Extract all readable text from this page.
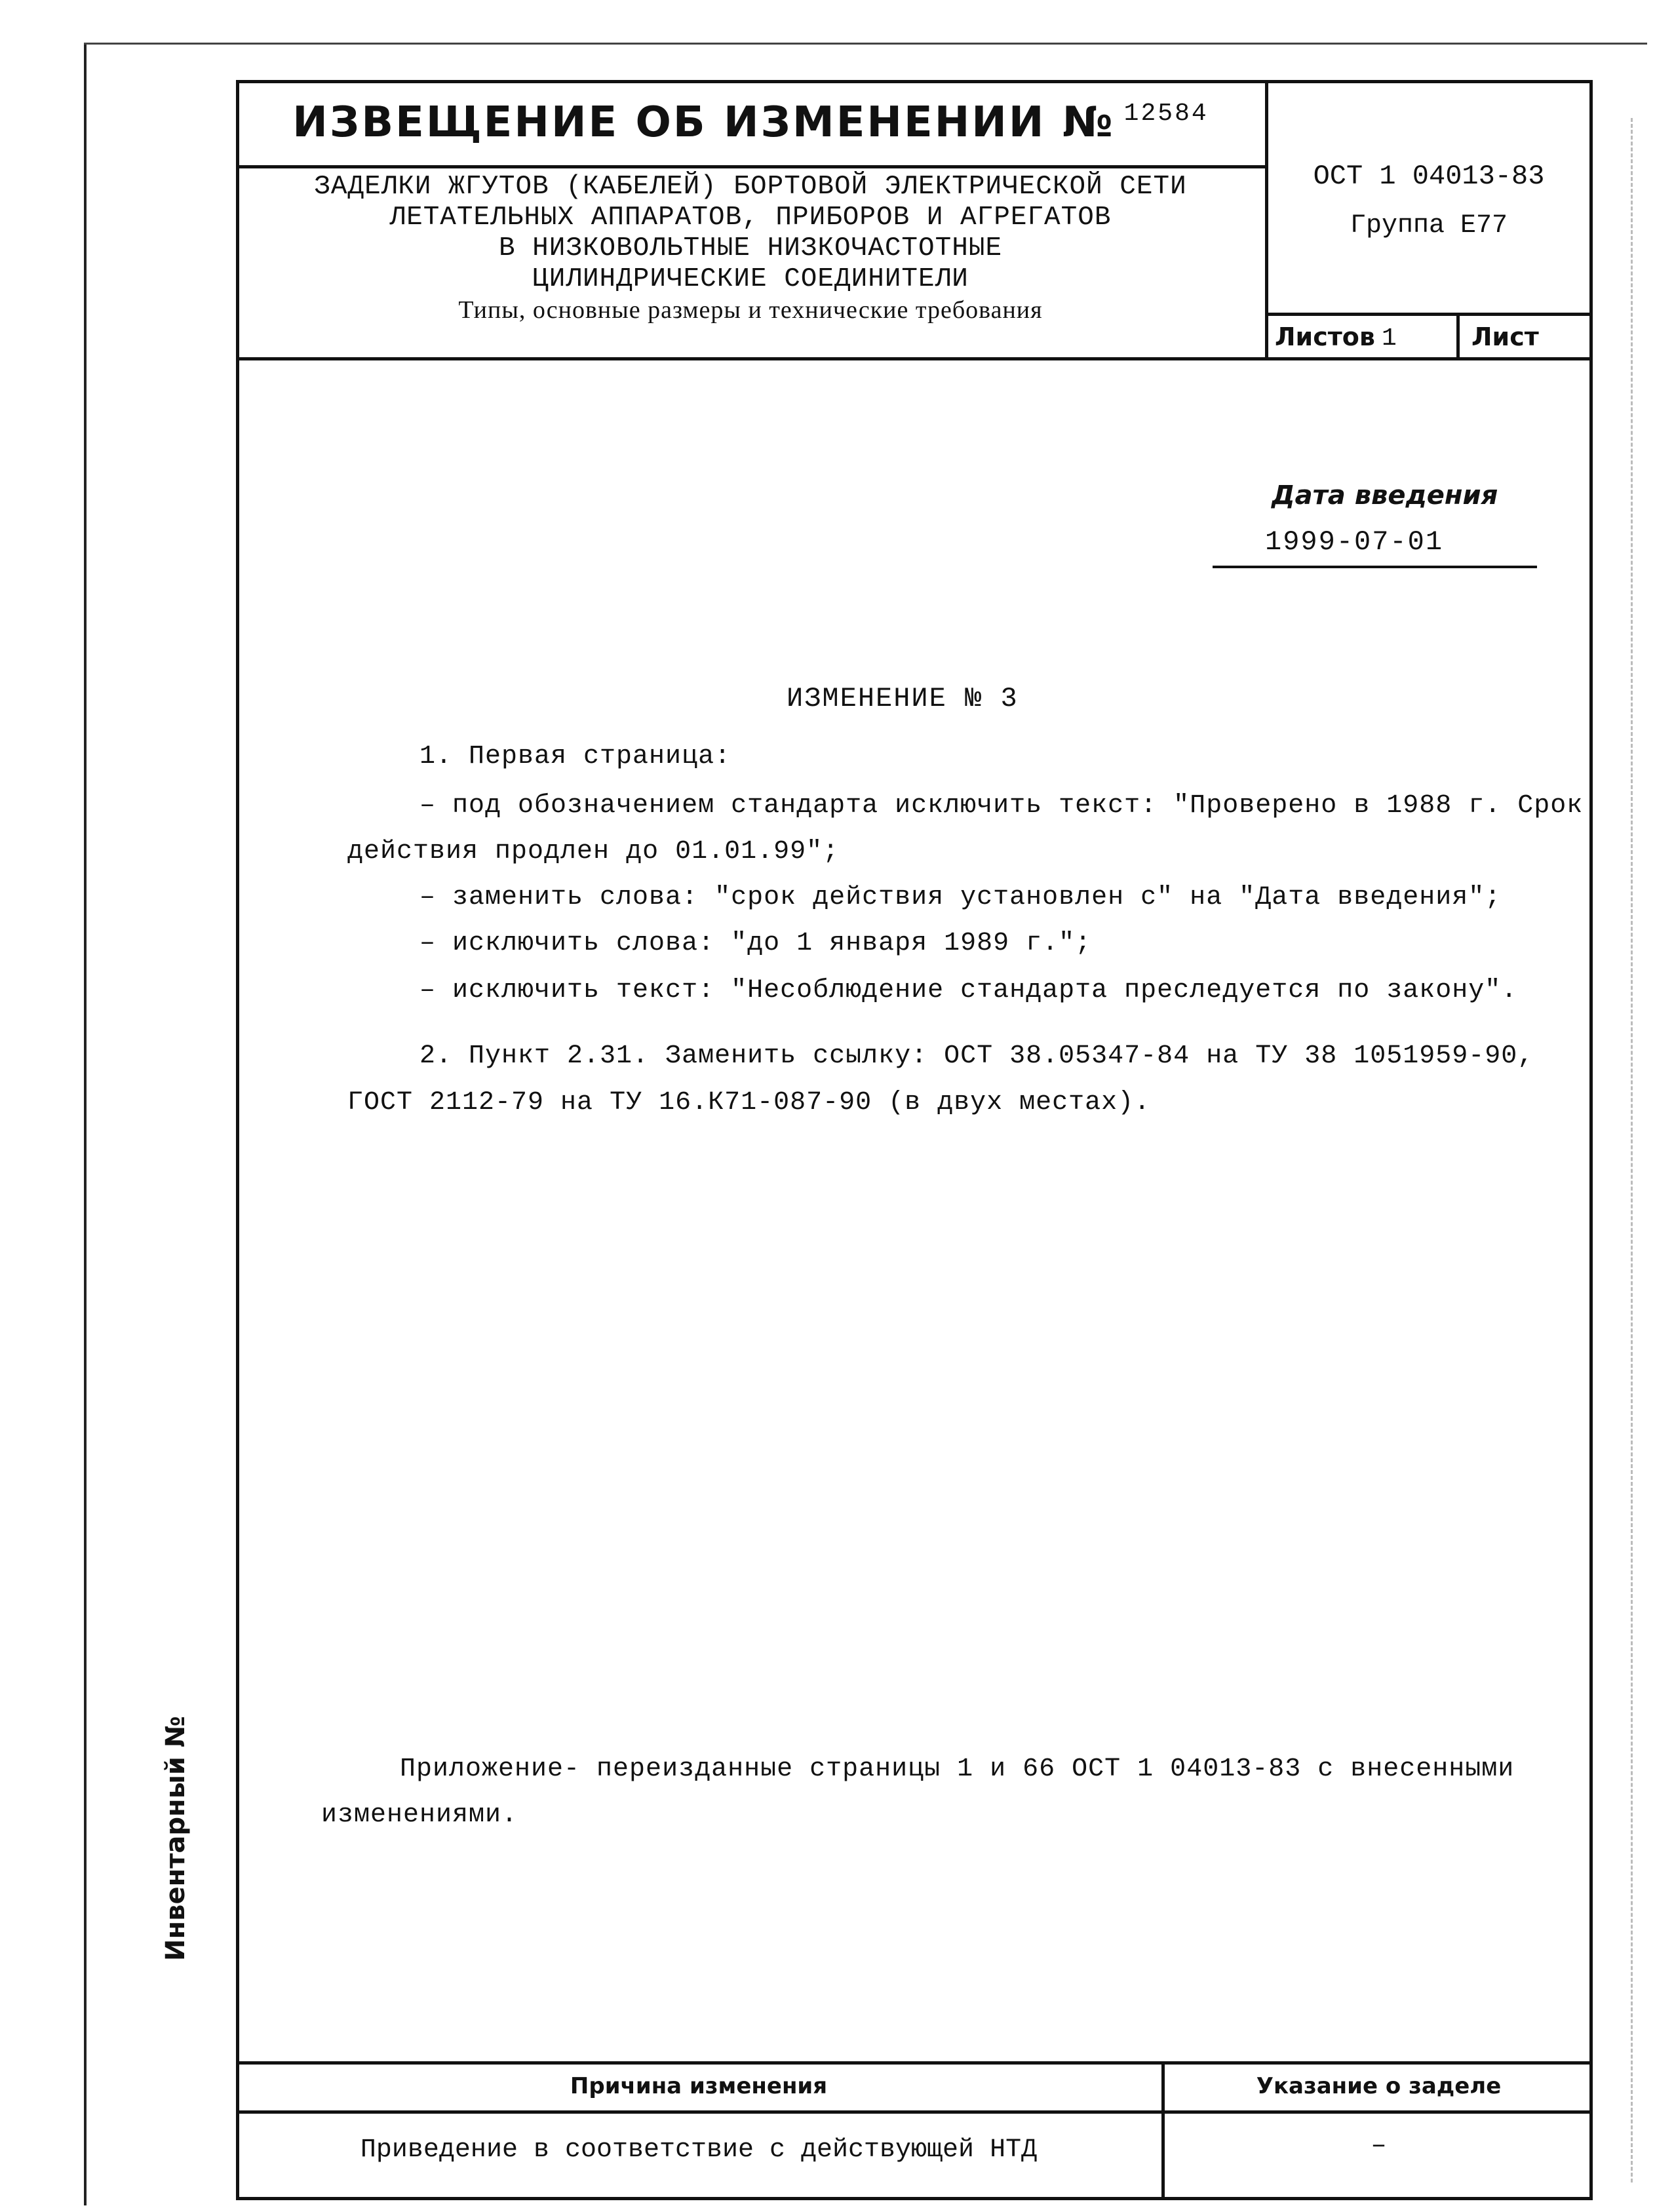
ИЗВЕЩЕНИЕ ОБ ИЗМЕНЕНИИ № 12584
ЗАДЕЛКИ ЖГУТОВ (КАБЕЛЕЙ) БОРТОВОЙ ЭЛЕКТРИЧЕСКОЙ СЕТИ
ЛЕТАТЕЛЬНЫХ АППАРАТОВ, ПРИБОРОВ И АГРЕГАТОВ
В НИЗКОВОЛЬТНЫЕ НИЗКОЧАСТОТНЫЕ
ЦИЛИНДРИЧЕСКИЕ СОЕДИНИТЕЛИ
Типы, основные размеры и технические требования
ОСТ 1 04013-83
Группа Е77
Листов 1	Лист
Дата введения
1999-07-01
ИЗМЕНЕНИЕ № 3
1. Первая страница:
– под обозначением стандарта исключить текст: ″Проверено в 1988 г. Срок
действия продлен до 01.01.99″;
– заменить слова: ″срок действия установлен с″ на ″Дата введения″;
– исключить слова: ″до 1 января 1989 г.″;
– исключить текст: ″Несоблюдение стандарта преследуется по закону″.
2. Пункт 2.31. Заменить ссылку: ОСТ 38.05347-84 на ТУ 38 1051959-90,
ГОСТ 2112-79 на ТУ 16.К71-087-90 (в двух местах).
Приложение- переизданные страницы 1 и 66 ОСТ 1 04013-83 с внесенными
изменениями.
Причина изменения	Указание о заделе
Приведение в соответствие с действующей НТД	–
Инвентарный №
